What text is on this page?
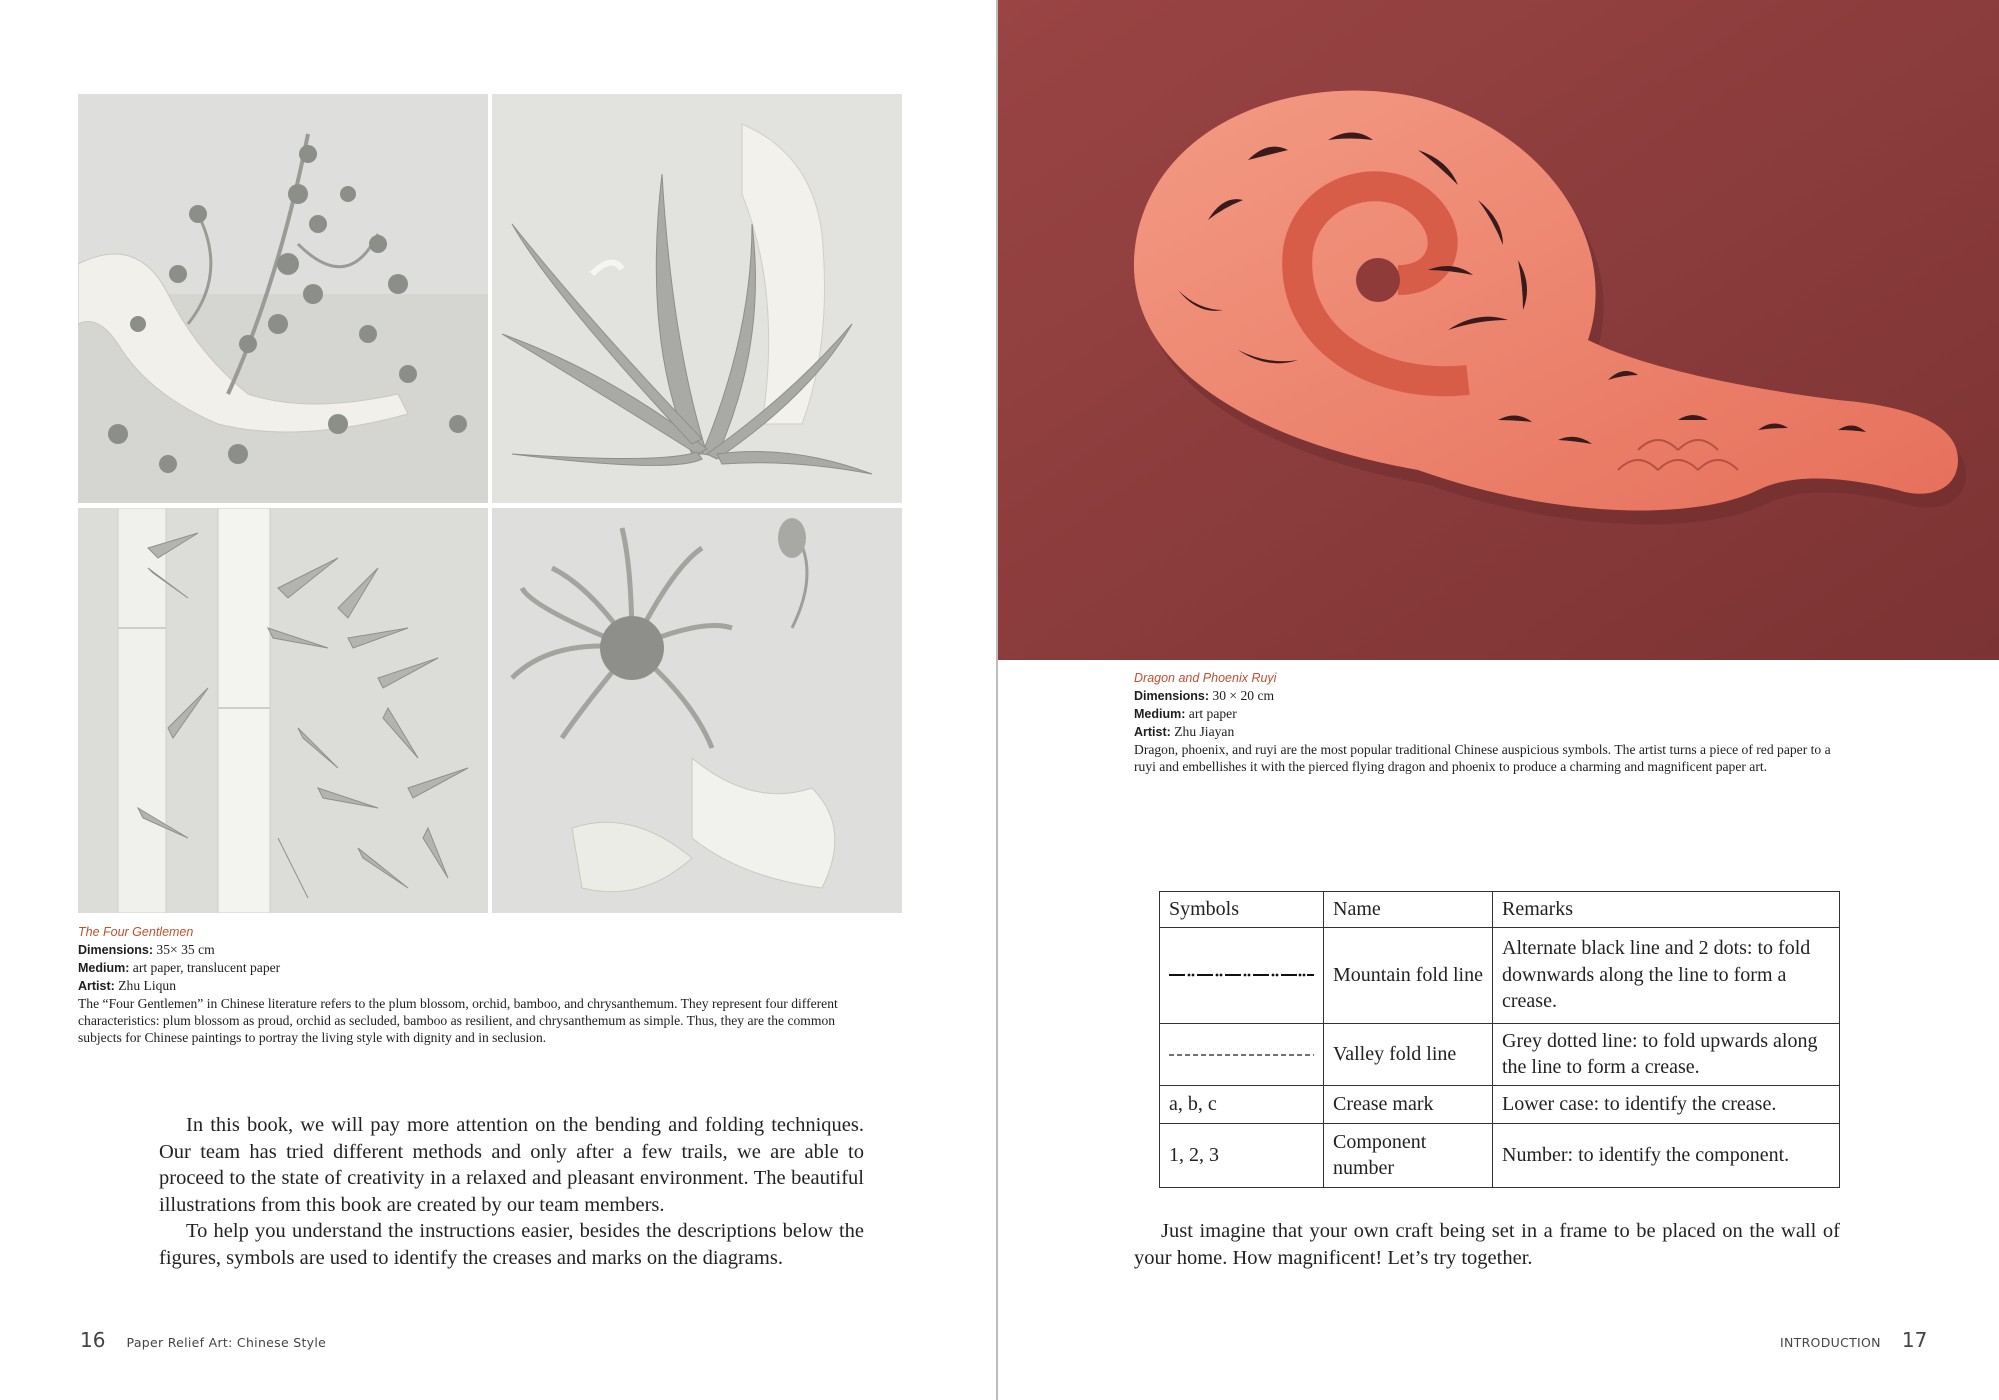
The Four Gentlemen
Dimensions: 35× 35 cm
Medium: art paper, translucent paper
Artist: Zhu Liqun
The “Four Gentlemen” in Chinese literature refers to the plum blossom, orchid, bamboo, and chrysanthemum. They represent four different characteristics: plum blossom as proud, orchid as secluded, bamboo as resilient, and chrysanthemum as simple. Thus, they are the common subjects for Chinese paintings to portray the living style with dignity and in seclusion.

In this book, we will pay more attention on the bending and folding techniques. Our team has tried different methods and only after a few trails, we are able to proceed to the state of creativity in a relaxed and pleasant environment. The beautiful illustrations from this book are created by our team members.

To help you understand the instructions easier, besides the descriptions below the figures, symbols are used to identify the creases and marks on the diagrams.

16 Paper Relief Art: Chinese Style
Dragon and Phoenix Ruyi
Dimensions: 30 × 20 cm
Medium: art paper
Artist: Zhu Jiayan
Dragon, phoenix, and ruyi are the most popular traditional Chinese auspicious symbols. The artist turns a piece of red paper to a ruyi and embellishes it with the pierced flying dragon and phoenix to produce a charming and magnificent paper art.
Symbols	Name	Remarks
	Mountain fold line	Alternate black line and 2 dots: to fold downwards along the line to form a crease.
	Valley fold line	Grey dotted line: to fold upwards along the line to form a crease.
a, b, c	Crease mark	Lower case: to identify the crease.
1, 2, 3	Component number	Number: to identify the component.

Just imagine that your own craft being set in a frame to be placed on the wall of your home. How magnificent! Let’s try together.

INTRODUCTION 17
